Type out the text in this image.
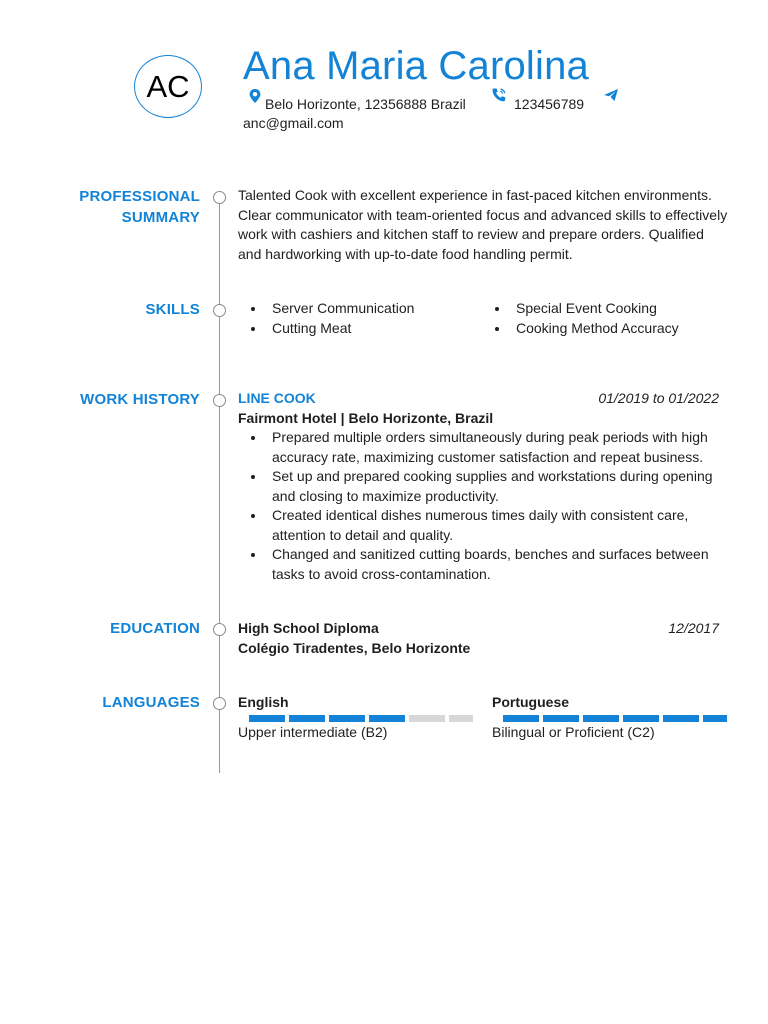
AC Ana Maria Carolina
Belo Horizonte, 12356888 Brazil	123456789
anc@gmail.com
PROFESSIONAL
SUMMARY
Talented Cook with excellent experience in fast-paced kitchen environments. Clear communicator with team-oriented focus and advanced skills to effectively work with cashiers and kitchen staff to review and prepare orders. Qualified and hardworking with up-to-date food handling permit.
SKILLS	Server Communication
Cutting Meat
Special Event Cooking
Cooking Method Accuracy
WORK HISTORY	LINE COOK	01/2019 to 01/2022
Fairmont Hotel | Belo Horizonte, Brazil
Prepared multiple orders simultaneously during peak periods with high accuracy rate, maximizing customer satisfaction and repeat business.
Set up and prepared cooking supplies and workstations during opening and closing to maximize productivity.
Created identical dishes numerous times daily with consistent care, attention to detail and quality.
Changed and sanitized cutting boards, benches and surfaces between tasks to avoid cross-contamination.
EDUCATION	High School Diploma	12/2017
Colégio Tiradentes, Belo Horizonte
LANGUAGES	English
Upper intermediate (B2)
Portuguese
Bilingual or Proficient (C2)
